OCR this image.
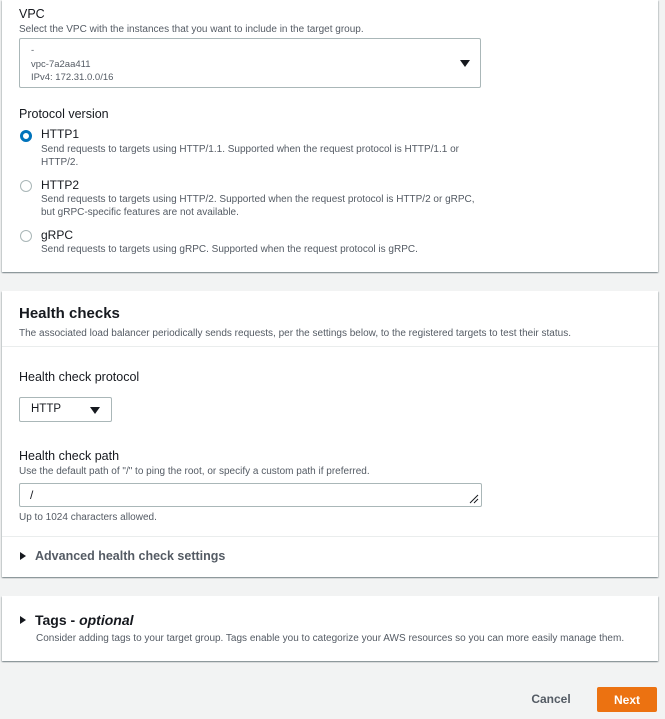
VPC
Select the VPC with the instances that you want to include in the target group.
-
vpc-7a2aa411
IPv4: 172.31.0.0/16
Protocol version
HTTP1
Send requests to targets using HTTP/1.1. Supported when the request protocol is HTTP/1.1 or HTTP/2.
HTTP2
Send requests to targets using HTTP/2. Supported when the request protocol is HTTP/2 or gRPC, but gRPC-specific features are not available.
gRPC
Send requests to targets using gRPC. Supported when the request protocol is gRPC.
Health checks
The associated load balancer periodically sends requests, per the settings below, to the registered targets to test their status.
Health check protocol
HTTP
Health check path
Use the default path of "/" to ping the root, or specify a custom path if preferred.
/
Up to 1024 characters allowed.
Advanced health check settings
Tags - optional
Consider adding tags to your target group. Tags enable you to categorize your AWS resources so you can more easily manage them.
Cancel	Next
